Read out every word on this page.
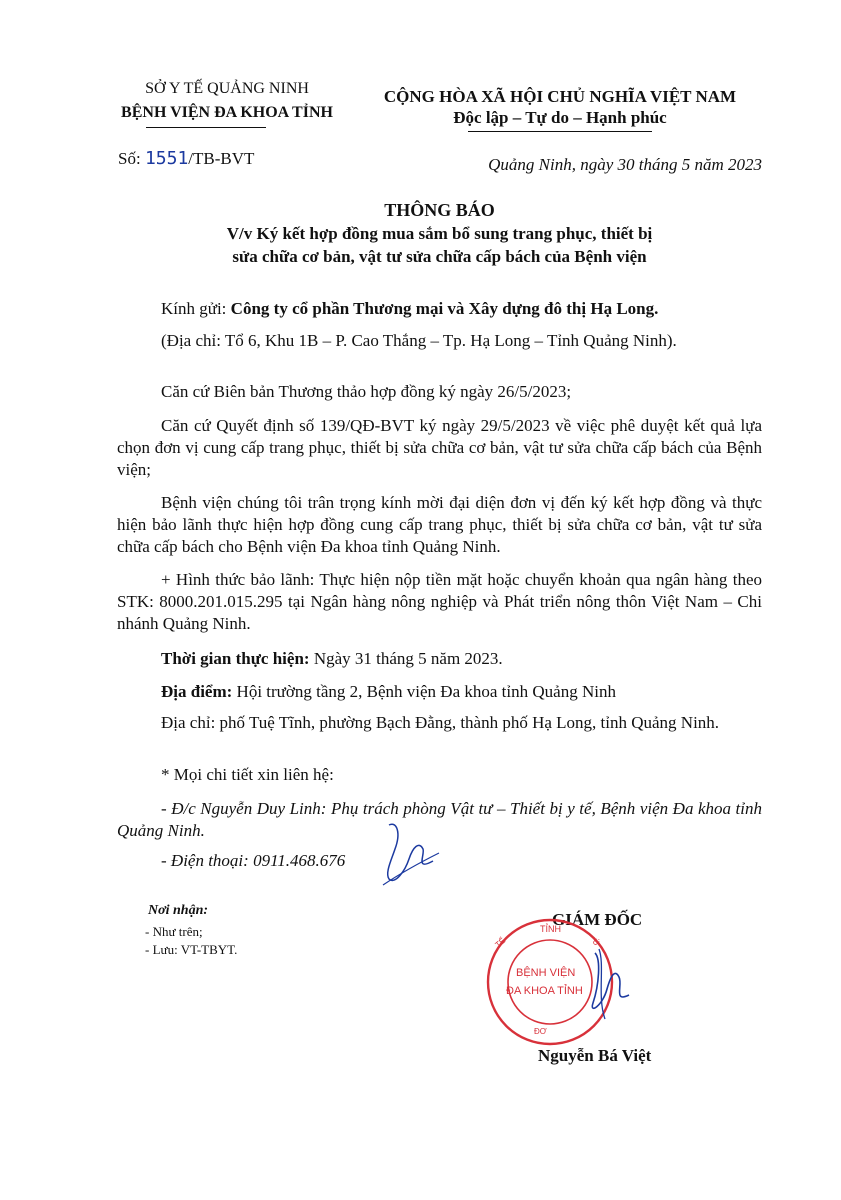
SỞ Y TẾ QUẢNG NINH
BỆNH VIỆN ĐA KHOA TỈNH
Số: 1551/TB-BVT
CỘNG HÒA XÃ HỘI CHỦ NGHĨA VIỆT NAM
Độc lập – Tự do – Hạnh phúc
Quảng Ninh, ngày 30 tháng 5 năm 2023
THÔNG BÁO
V/v Ký kết hợp đồng mua sắm bổ sung trang phục, thiết bị
sửa chữa cơ bản, vật tư sửa chữa cấp bách của Bệnh viện
Kính gửi: Công ty cổ phần Thương mại và Xây dựng đô thị Hạ Long.
(Địa chỉ: Tổ 6, Khu 1B – P. Cao Thắng – Tp. Hạ Long – Tỉnh Quảng Ninh).
Căn cứ Biên bản Thương thảo hợp đồng ký ngày 26/5/2023;
Căn cứ Quyết định số 139/QĐ-BVT ký ngày 29/5/2023 về việc phê duyệt kết quả lựa chọn đơn vị cung cấp trang phục, thiết bị sửa chữa cơ bản, vật tư sửa chữa cấp bách của Bệnh viện;
Bệnh viện chúng tôi trân trọng kính mời đại diện đơn vị đến ký kết hợp đồng và thực hiện bảo lãnh thực hiện hợp đồng cung cấp trang phục, thiết bị sửa chữa cơ bản, vật tư sửa chữa cấp bách cho Bệnh viện Đa khoa tỉnh Quảng Ninh.
+ Hình thức bảo lãnh: Thực hiện nộp tiền mặt hoặc chuyển khoản qua ngân hàng theo STK: 8000.201.015.295 tại Ngân hàng nông nghiệp và Phát triển nông thôn Việt Nam – Chi nhánh Quảng Ninh.
Thời gian thực hiện: Ngày 31 tháng 5 năm 2023.
Địa điểm: Hội trường tầng 2, Bệnh viện Đa khoa tỉnh Quảng Ninh
Địa chỉ: phố Tuệ Tĩnh, phường Bạch Đằng, thành phố Hạ Long, tỉnh Quảng Ninh.
* Mọi chi tiết xin liên hệ:
- Đ/c Nguyễn Duy Linh: Phụ trách phòng Vật tư – Thiết bị y tế, Bệnh viện Đa khoa tỉnh Quảng Ninh.
- Điện thoại: 0911.468.676
Nơi nhận:
- Như trên;
- Lưu: VT-TBYT.
GIÁM ĐỐC
TỈNH
BỆNH VIỆN
ĐA KHOA TỈNH
TẾ	Ú
ĐƠ
Nguyễn Bá Việt
